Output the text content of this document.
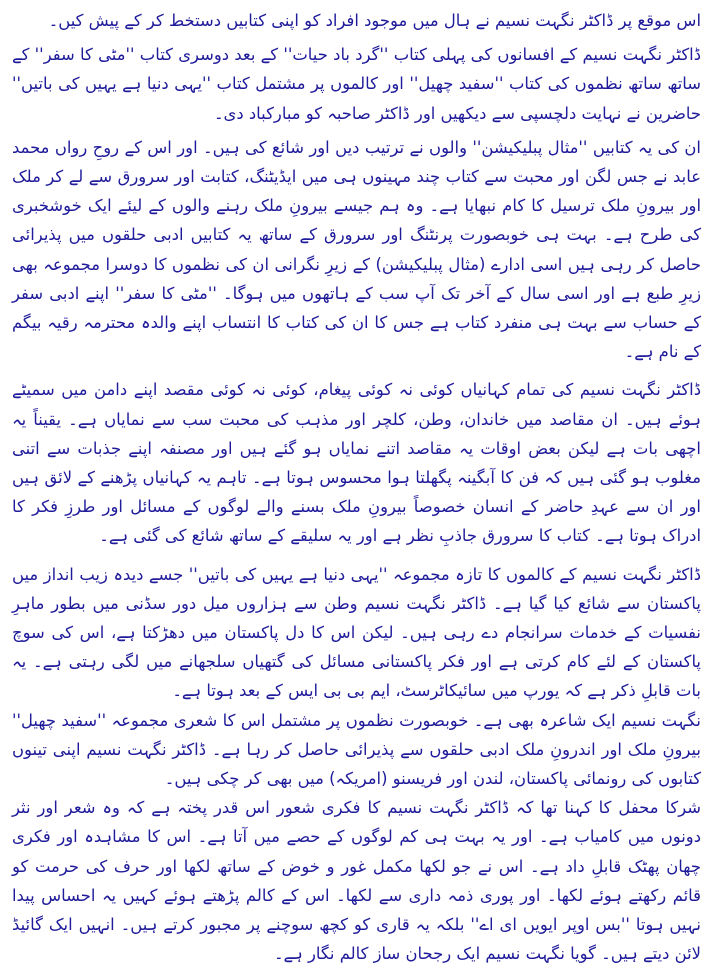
اس موقع پر ڈاکٹر نگہت نسیم نے ہال میں موجود افراد کو اپنی کتابیں دستخط کر کے پیش کیں۔

ڈاکٹر نگہت نسیم کے افسانوں کی پہلی کتاب ''گرد باد حیات'' کے بعد دوسری کتاب ''مٹی کا سفر'' کے ساتھ ساتھ نظموں کی کتاب ''سفید چھیل'' اور کالموں پر مشتمل کتاب ''یہی دنیا ہے یہیں کی باتیں'' حاضرین نے نہایت دلچسپی سے دیکھیں اور ڈاکٹر صاحبہ کو مبارکباد دی۔

ان کی یہ کتابیں ''مثال پبلیکیشن'' والوں نے ترتیب دیں اور شائع کی ہیں۔ اور اس کے روحِ رواں محمد عابد نے جس لگن اور محبت سے کتاب چند مہینوں ہی میں ایڈیٹنگ، کتابت اور سرورق سے لے کر ملک اور بیرونِ ملک ترسیل کا کام نبھایا ہے۔ وہ ہم جیسے بیرونِ ملک رہنے والوں کے لیئے ایک خوشخبری کی طرح ہے۔ بہت ہی خوبصورت پرنٹنگ اور سرورق کے ساتھ یہ کتابیں ادبی حلقوں میں پذیرائی حاصل کر رہی ہیں اسی ادارے (مثال پبلیکیشن) کے زیرِ نگرانی ان کی نظموں کا دوسرا مجموعہ بھی زیرِ طبع ہے اور اسی سال کے آخر تک آپ سب کے ہاتھوں میں ہوگا۔ ''مٹی کا سفر'' اپنے ادبی سفر کے حساب سے بہت ہی منفرد کتاب ہے جس کا ان کی کتاب کا انتساب اپنے والدہ محترمہ رقیہ بیگم کے نام ہے۔

ڈاکٹر نگہت نسیم کی تمام کہانیاں کوئی نہ کوئی پیغام، کوئی نہ کوئی مقصد اپنے دامن میں سمیٹے ہوئے ہیں۔ ان مقاصد میں خاندان، وطن، کلچر اور مذہب کی محبت سب سے نمایاں ہے۔ یقیناً یہ اچھی بات ہے لیکن بعض اوقات یہ مقاصد اتنے نمایاں ہو گئے ہیں اور مصنفہ اپنے جذبات سے اتنی مغلوب ہو گئی ہیں کہ فن کا آبگینہ پگھلتا ہوا محسوس ہوتا ہے۔ تاہم یہ کہانیاں پڑھنے کے لائق ہیں اور ان سے عہدِ حاضر کے انسان خصوصاً بیرونِ ملک بسنے والے لوگوں کے مسائل اور طرزِ فکر کا ادراک ہوتا ہے۔ کتاب کا سرورق جاذبِ نظر ہے اور یہ سلیقے کے ساتھ شائع کی گئی ہے۔

ڈاکٹر نگہت نسیم کے کالموں کا تازہ مجموعہ ''یہی دنیا ہے یہیں کی باتیں'' جسے دیدہ زیب انداز میں پاکستان سے شائع کیا گیا ہے۔ ڈاکٹر نگہت نسیم وطن سے ہزاروں میل دور سڈنی میں بطور ماہرِ نفسیات کے خدمات سرانجام دے رہی ہیں۔ لیکن اس کا دل پاکستان میں دھڑکتا ہے، اس کی سوچ پاکستان کے لئے کام کرتی ہے اور فکر پاکستانی مسائل کی گتھیاں سلجھانے میں لگی رہتی ہے۔ یہ بات قابلِ ذکر ہے کہ یورپ میں سائیکاٹرسٹ، ایم بی بی ایس کے بعد ہوتا ہے۔

نگہت نسیم ایک شاعرہ بھی ہے۔ خوبصورت نظموں پر مشتمل اس کا شعری مجموعہ ''سفید چھیل'' بیرونِ ملک اور اندرونِ ملک ادبی حلقوں سے پذیرائی حاصل کر رہا ہے۔ ڈاکٹر نگہت نسیم اپنی تینوں کتابوں کی رونمائی پاکستان، لندن اور فریسنو (امریکہ) میں بھی کر چکی ہیں۔

شرکا محفل کا کہنا تھا کہ ڈاکٹر نگہت نسیم کا فکری شعور اس قدر پختہ ہے کہ وہ شعر اور نثر دونوں میں کامیاب ہے۔ اور یہ بہت ہی کم لوگوں کے حصے میں آتا ہے۔ اس کا مشاہدہ اور فکری چھان پھٹک قابلِ داد ہے۔ اس نے جو لکھا مکمل غور و خوض کے ساتھ لکھا اور حرف کی حرمت کو قائم رکھتے ہوئے لکھا۔ اور پوری ذمہ داری سے لکھا۔ اس کے کالم پڑھتے ہوئے کہیں یہ احساس پیدا نہیں ہوتا ''بس اوپر ایویں ای اے'' بلکہ یہ قاری کو کچھ سوچنے پر مجبور کرتے ہیں۔ انہیں ایک گائیڈ لائن دیتے ہیں۔ گویا نگہت نسیم ایک رجحان ساز کالم نگار ہے۔
